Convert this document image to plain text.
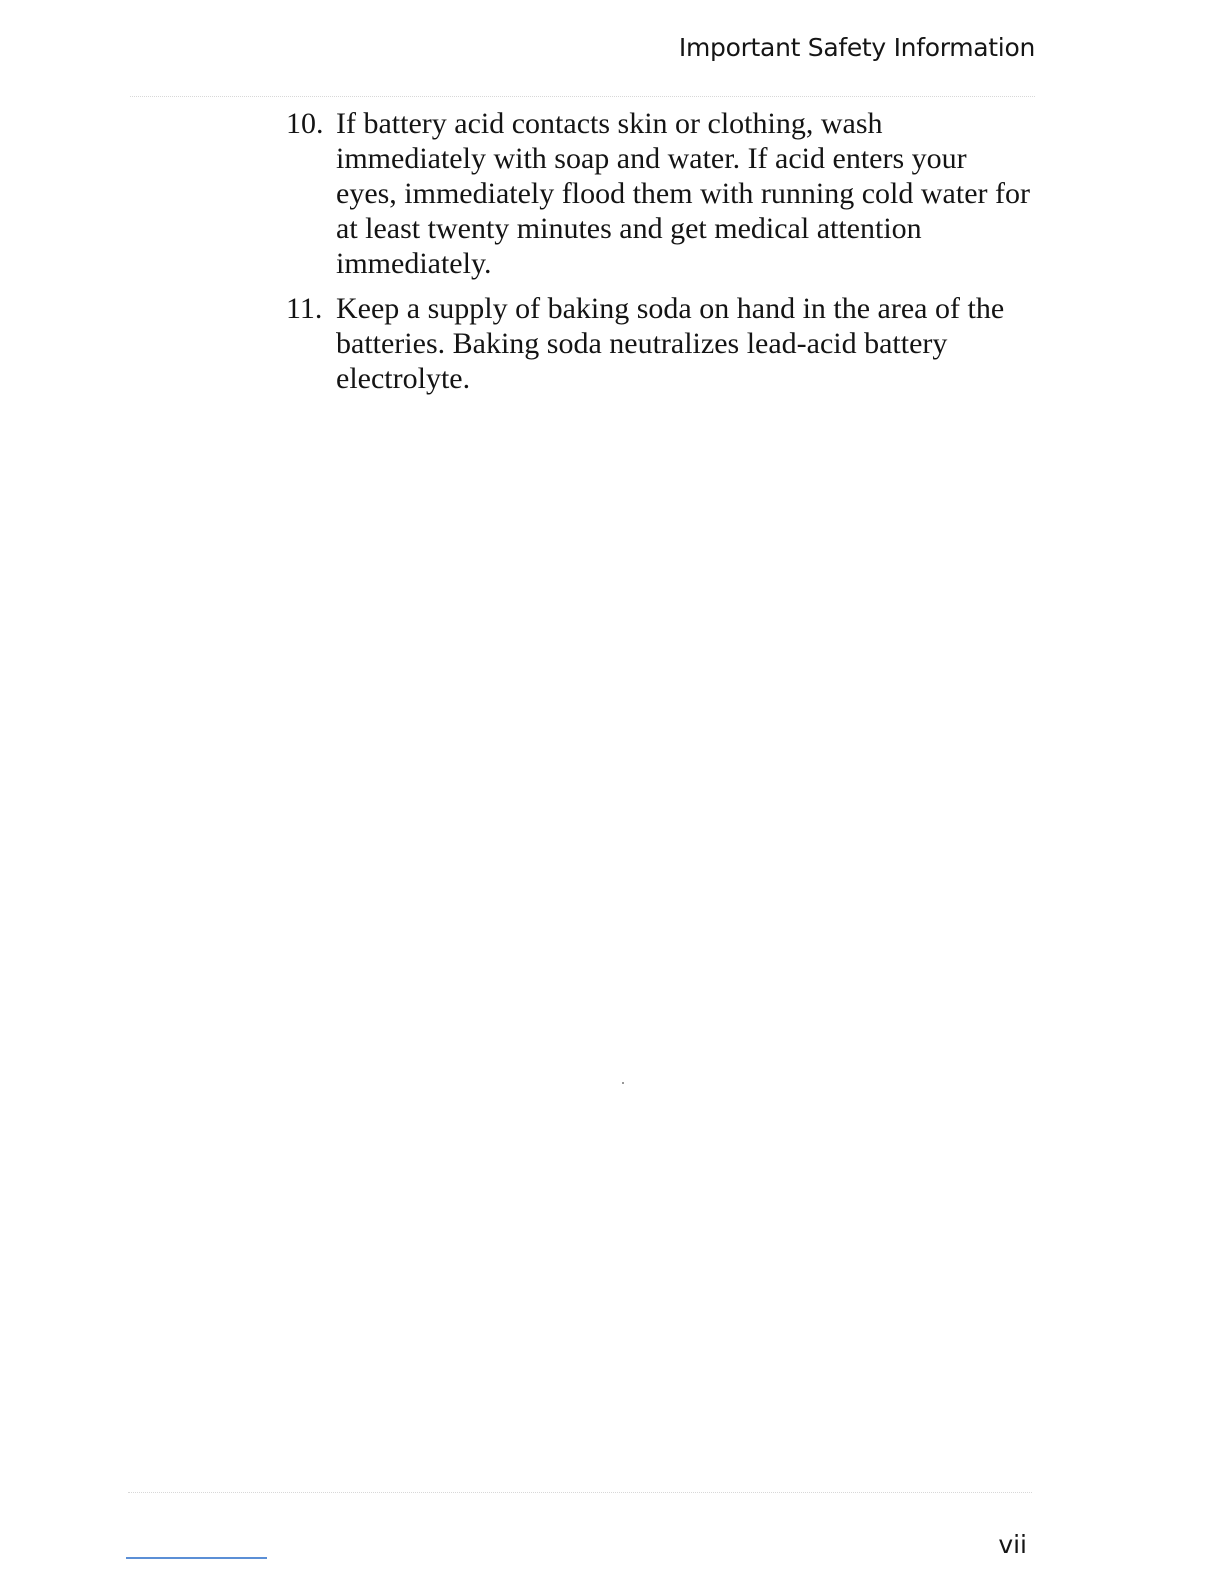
Important Safety Information
10. If battery acid contacts skin or clothing, wash
immediately with soap and water. If acid enters your
eyes, immediately flood them with running cold water for
at least twenty minutes and get medical attention
immediately.
11. Keep a supply of baking soda on hand in the area of the
batteries. Baking soda neutralizes lead-acid battery
electrolyte.
vii
